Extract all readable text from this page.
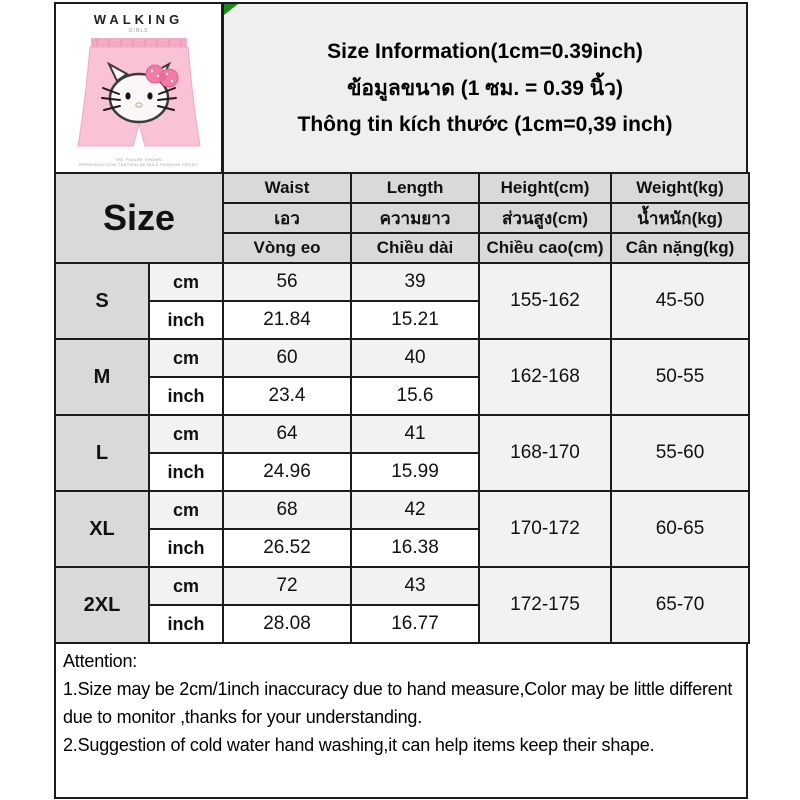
WALKING
GIRLS
THE FIGURE SHOWN
REPRODUCTION TENTION DETAILS FASHION FRONT
Size Information(1cm=0.39inch)
ข้อมูลขนาด (1 ซม. = 0.39 นิ้ว)
Thông tin kích thước (1cm=0,39 inch)
Size		Waist	Length	Height(cm)	Weight(kg)
		เอว	ความยาว	ส่วนสูง(cm)	น้ำหนัก(kg)
		Vòng eo	Chiều dài	Chiều cao(cm)	Cân nặng(kg)
S	cm	56	39	155-162	45-50
	inch	21.84	15.21		
M	cm	60	40	162-168	50-55
	inch	23.4	15.6		
L	cm	64	41	168-170	55-60
	inch	24.96	15.99		
XL	cm	68	42	170-172	60-65
	inch	26.52	16.38		
2XL	cm	72	43	172-175	65-70
	inch	28.08	16.77		
Attention:
1.Size may be 2cm/1inch inaccuracy due to hand measure,Color may be little different due to monitor ,thanks for your understanding.
2.Suggestion of cold water hand washing,it can help items keep their shape.
